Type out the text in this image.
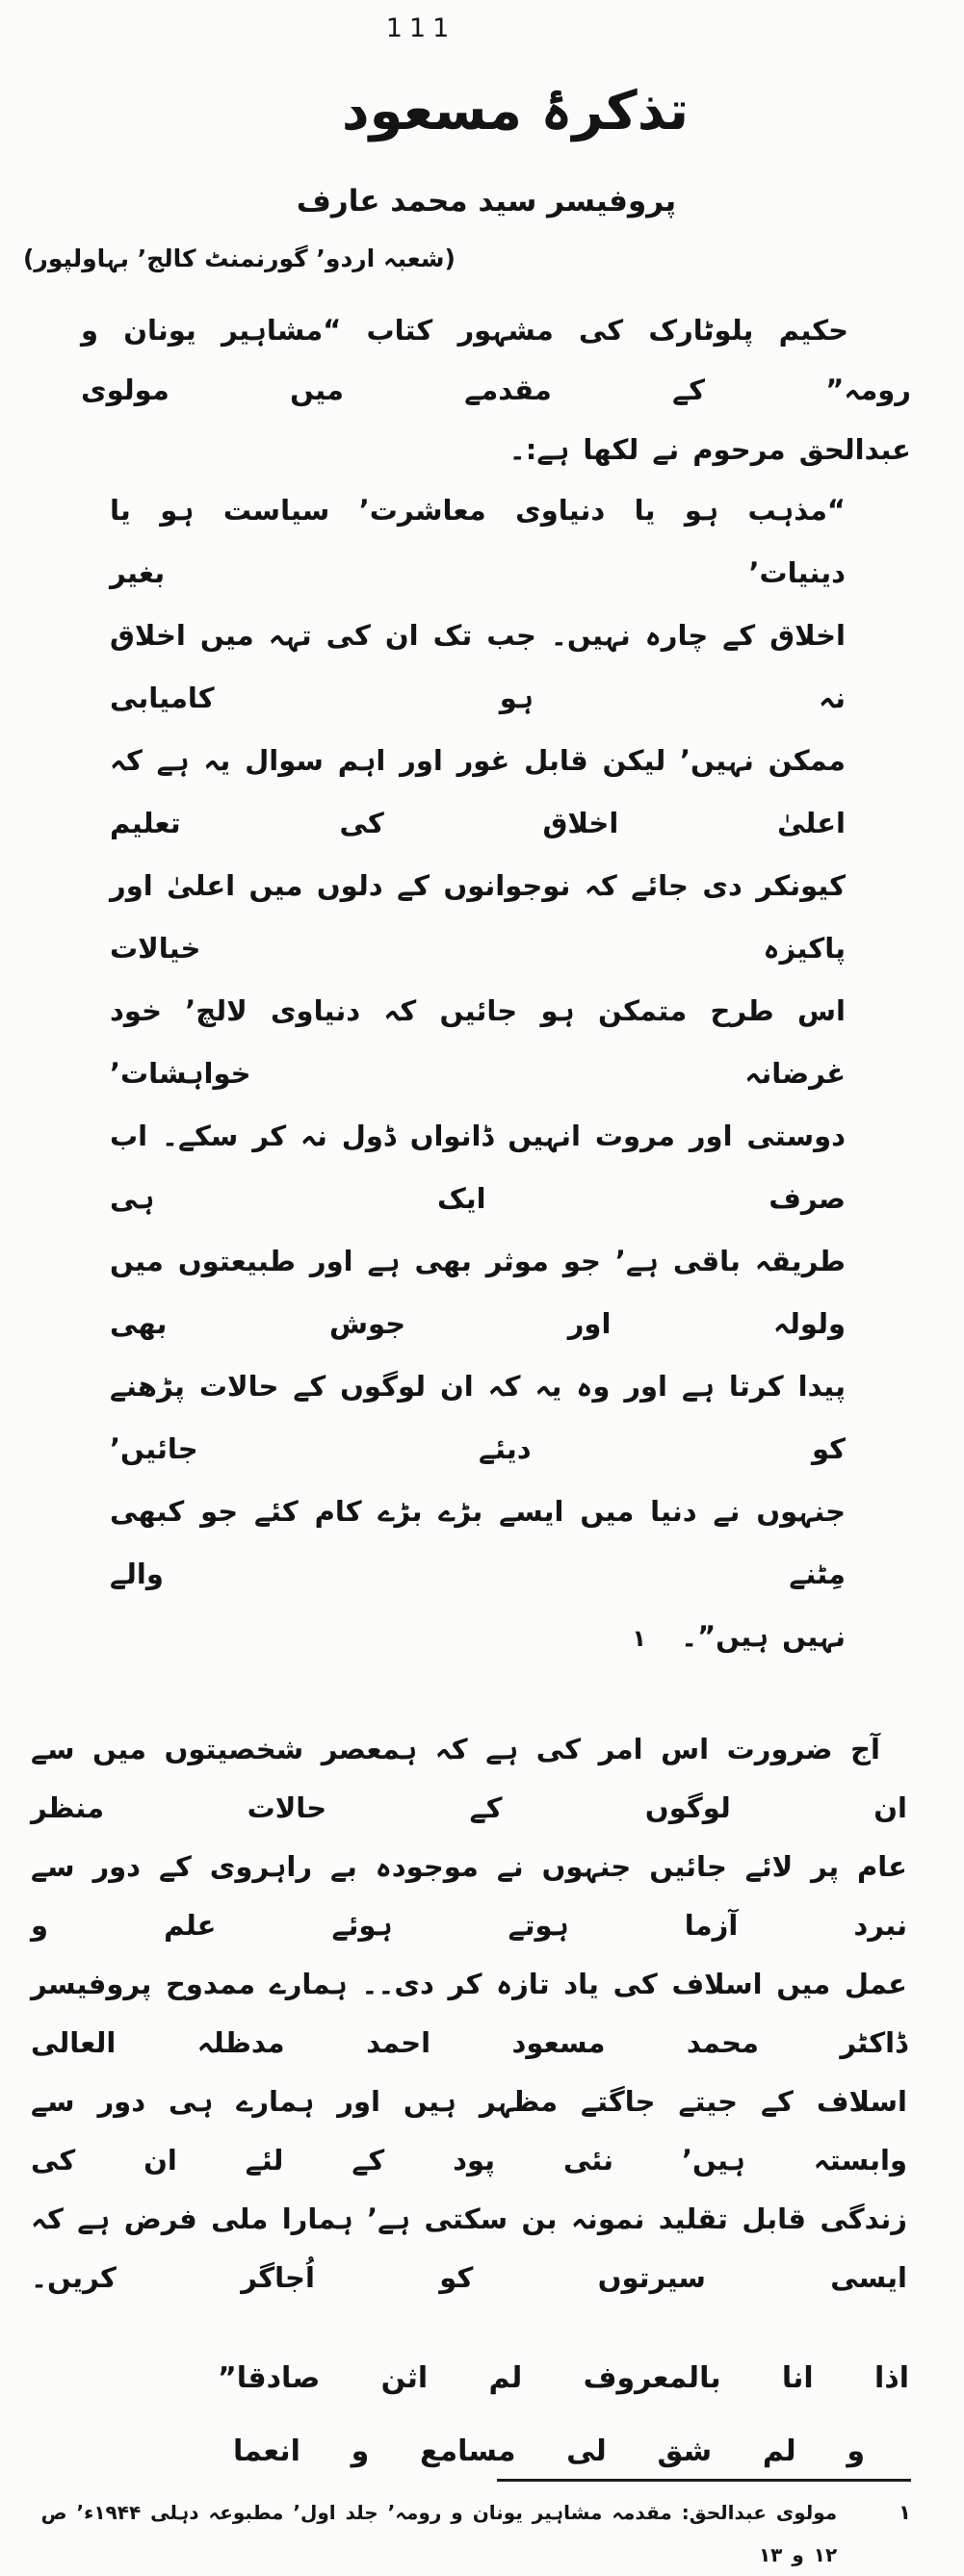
111
تذکرۂ مسعود
پروفیسر سید محمد عارف
(شعبہ اردو’ گورنمنٹ کالج’ بہاولپور)
حکیم پلوٹارک کی مشہور کتاب “مشاہیر یونان و رومہ” کے مقدمے میں مولوی
عبدالحق مرحوم نے لکھا ہے:۔
“مذہب ہو یا دنیاوی معاشرت’ سیاست ہو یا دینیات’ بغیر
اخلاق کے چارہ نہیں۔ جب تک ان کی تہہ میں اخلاق نہ ہو کامیابی
ممکن نہیں’ لیکن قابل غور اور اہم سوال یہ ہے کہ اعلیٰ اخلاق کی تعلیم
کیونکر دی جائے کہ نوجوانوں کے دلوں میں اعلیٰ اور پاکیزہ خیالات
اس طرح متمکن ہو جائیں کہ دنیاوی لالچ’ خود غرضانہ خواہشات’
دوستی اور مروت انہیں ڈانواں ڈول نہ کر سکے۔ اب صرف ایک ہی
طریقہ باقی ہے’ جو موثر بھی ہے اور طبیعتوں میں ولولہ اور جوش بھی
پیدا کرتا ہے اور وہ یہ کہ ان لوگوں کے حالات پڑھنے کو دیئے جائیں’
جنہوں نے دنیا میں ایسے بڑے بڑے کام کئے جو کبھی مِٹنے والے
نہیں ہیں”۔ ۱
آج ضرورت اس امر کی ہے کہ ہمعصر شخصیتوں میں سے ان لوگوں کے حالات منظر
عام پر لائے جائیں جنہوں نے موجودہ بے راہروی کے دور سے نبرد آزما ہوتے ہوئے علم و
عمل میں اسلاف کی یاد تازہ کر دی۔۔ ہمارے ممدوح پروفیسر ڈاکٹر محمد مسعود احمد مدظلہ العالی
اسلاف کے جیتے جاگتے مظہر ہیں اور ہمارے ہی دور سے وابستہ ہیں’ نئی پود کے لئے ان کی
زندگی قابل تقلید نمونہ بن سکتی ہے’ ہمارا ملی فرض ہے کہ ایسی سیرتوں کو اُجاگر کریں۔
اذا
انا
بالمعروف
لم
اثن
صادقا”
و
لم
شق
لی
مسامع
و
انعما
۱
مولوی عبدالحق: مقدمہ مشاہیر یونان و رومہ’ جلد اول’ مطبوعہ دہلی ۱۹۴۴ء’ ص ۱۲ و ۱۳
